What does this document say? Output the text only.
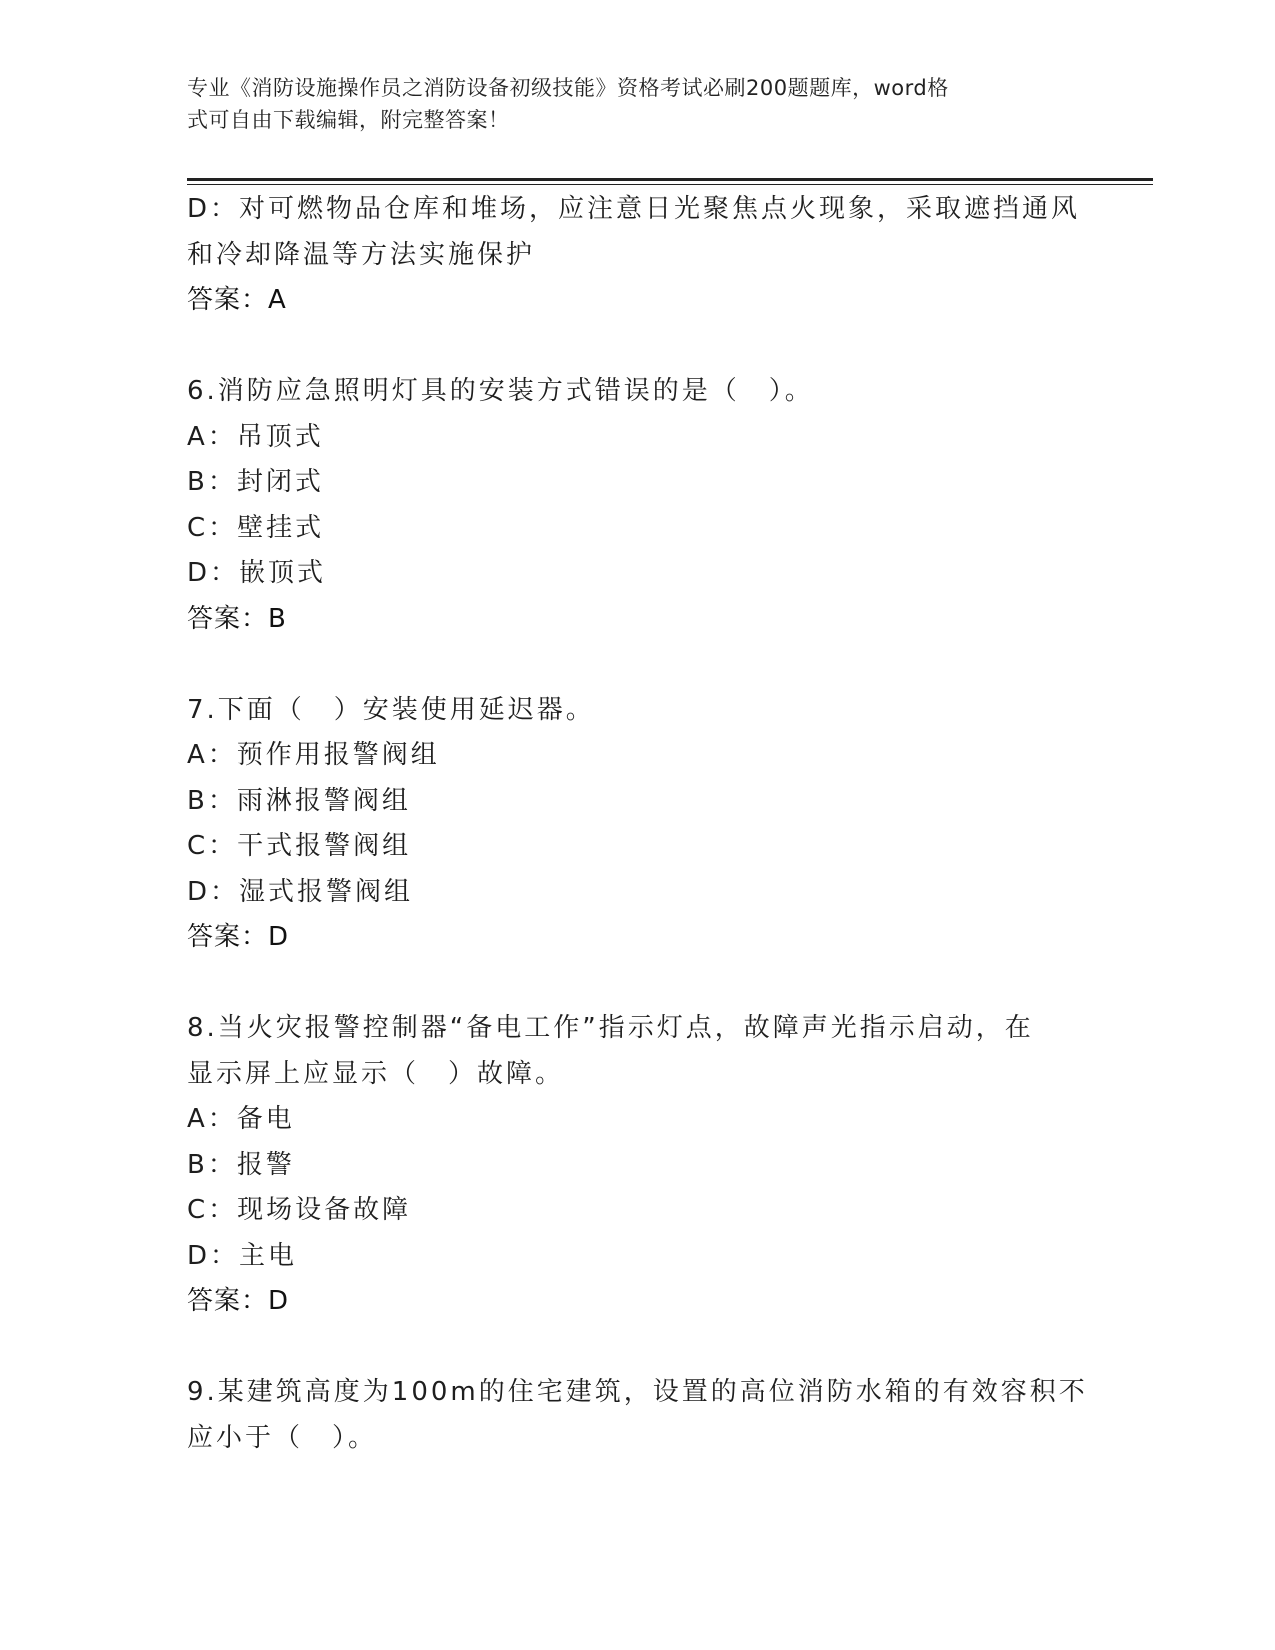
专业《消防设施操作员之消防设备初级技能》资格考试必刷200题题库，word格
式可自由下载编辑，附完整答案！
D：对可燃物品仓库和堆场，应注意日光聚焦点火现象，采取遮挡通风
和冷却降温等方法实施保护
答案：A
6.消防应急照明灯具的安装方式错误的是（　）。
A：吊顶式
B：封闭式
C：壁挂式
D：嵌顶式
答案：B
7.下面（　）安装使用延迟器。
A：预作用报警阀组
B：雨淋报警阀组
C：干式报警阀组
D：湿式报警阀组
答案：D
8.当火灾报警控制器“备电工作”指示灯点，故障声光指示启动，在
显示屏上应显示（　）故障。
A：备电
B：报警
C：现场设备故障
D：主电
答案：D
9.某建筑高度为100m的住宅建筑，设置的高位消防水箱的有效容积不
应小于（　）。
